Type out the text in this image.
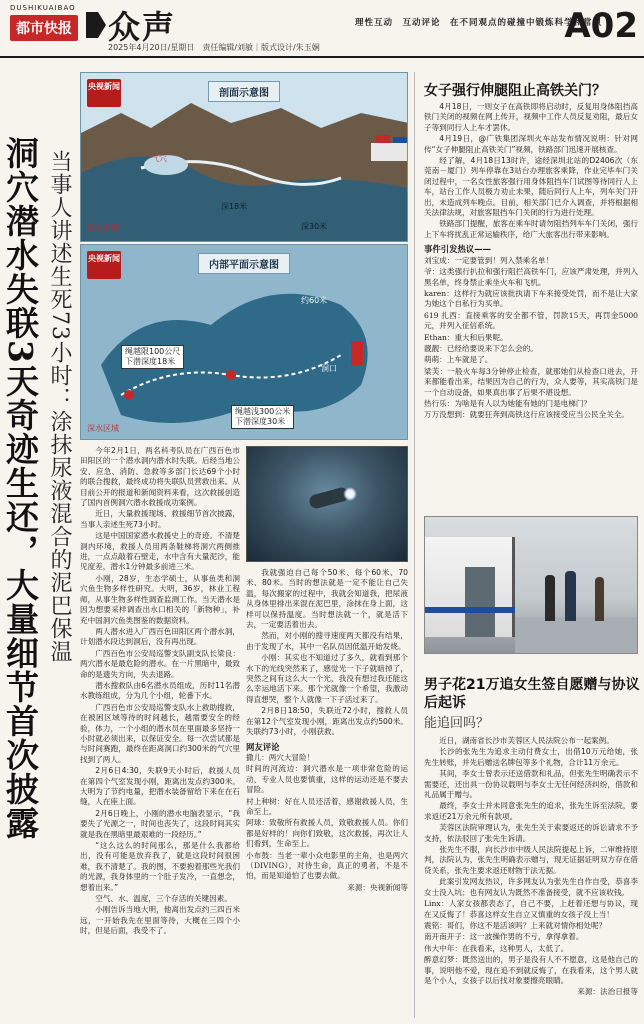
DUSHIKUAIBAO
都市快报 众声
2025年4月20日/星期日　责任编辑/刘敏｜版式设计/朱玉娴
理性互动　互动评论　在不同观点的碰撞中锻炼科学和常识
A02
洞穴潜水失联3天奇迹生还，大量细节首次披露 当事人讲述生死73小时：涂抹尿液混合的泥巴保温
央视新闻
剖面示意图
气穴
深18米
深30米
深水区域
央视新闻
内部平面示意图
约60米
洞口
绳越限100公尺
下潜深度18米
绳越浅300公米
下潜深度30米
深水区域

今年2月1日，两名科考队员在广西百色市田阳区的一个潜水洞内潜水时失联。后经当地公安、应急、消防、急救等多部门长达69个小时的联合搜救，最终成功将失联队员营救出来。从目前公开的报道和新闻资料来看，这次救援创造了国内首例洞穴潜水救援成功案例。

近日，大量救援现场、救援细节首次披露，当事人亲述生死73小时。

这是中国国家潜水救援史上的奇迹。不清楚洞内环境，救援人员用两条鞋梯将洞穴两侧推进，一点点敲着石壁走，水中含有大量泥沙，能见度差，潜水1分钟最多前进三米。

小刚，28岁，生态学硕士，从事鱼类和洞穴鱼生物多样性研究。大明，36岁，林业工程师，从事生物多样性调查监测工作。当天潜水是因为想要采样调查出水口相关的「新物种」，补充中国洞穴鱼类图鉴的数据资料。

两人潜水进入广西百色田阳区两个潜水洞，计划潜水段达到洞后，没有再出现。

广西百色市公安局巡警支队副支队长梁良：两穴潜水是最危险的潜水。在一片黑暗中，最致命的是遗失方向，失去退路。

潜水搜救队由6名潜水员组成，历时11名潜水教练组成，分为几个小组，轮番下水。

广西百色市公安局巡警支队水上救助搜救，在被困区域等待的时间越长，越需要安全的经验，体力，一个小组的潜水员在里面最多坚持一小时就必须出来，以保证安全。每一次尝试都是与时间赛跑，最终在距离洞口约300米的气穴里找到了两人。

2月6日4:30，失联9天小时后，救援人员在第四个气室发现小刚，距离出发点约300米。大明为了节约电量，把潜水装备留给下来在在石缝，人在座上面。

2月6日晚上，小刚的潜水电脑表显示，“我要失了光源之一，时间也丧失了，这段时间其实就是我在黑暗里最艰难的一段经历。”

“这么这么的时间那么，那是什么我都给出，没有可能是放弃我了，就是这段时间很困难，我不清楚了。我的图，不要抱着那些光我们的光源，我身体里的一个肚子发冷，一直想念，想着出来。”

空气、水、温度，三个存活的关键因素。

小刚告诉当地大明，他离出发点约三四百米远，一开始我先在里面等待，大概在三四个小时，但是后面，我受不了。

我就强迫自己每个50米、每个60米、70米、80米。当时的想法就是一定不能让自己失温，每次搬家的过程中，我就会知道我，把尿液从身体里排出来混在泥巴里，涂抹在身上面，这样可以保持温度。当时想法就一个，就是活下去，一定要活着出去。

然而，对小刚的搜寻速度两天都没有结果，由于发现了水，其中一名队员因低温开始发烧。

小刚：其实也不知道过了多久，就看到那个水下的光线突然来了，感觉光一下子就暗掉了，突然之间有这么大一个光，我没有想过我还能这么幸运地活下来。那个光就像一个希望，我激动得直想哭，整个人就像一下子活过来了。

2月8日18:50，失联近72小时，搜救人员在第12个气室发现小刚，距离出发点约500米。失联约73小时，小刚获救。

网友评论

撒儿：两穴大冒险！

时间的河流边：洞穴潜水是一项非常危险的运动，专业人员也要慎重，这样的运动还是不要去冒险。

村上种树：好在人员还活着，感谢救援人员，生命至上。

阿球：致敬所有救援人员，致敬救援人员。你们都是好样的！向你们致敬，这次救援，再次让人们看到，生命至上。

小布鼓：当老一辈小众电影里的主角，也是两穴（DIVING），对待生命，真正的勇者，不是不怕，而是知道怕了也要去做。

来源：央视新闻等

女子强行伸腿阻止高铁关门？

4月18日，一则女子在高铁即将启动时，反复用身体阻挡高铁门关闭的视频在网上传开，视频中工作人员反复劝阻，最后女子等到同行人上车才罢休。

4月19日，@广铁集团深圳火车站发布情况说明：针对网传“女子伸腿阻止高铁关门”视频，铁路部门迅速开展核查。

经了解，4月18日13时许，途经深圳北站的D2406次（东莞南－厦门）列车停靠在3站台办理旅客乘降，作业完毕车门关闭过程中，一名女性旅客强行用身体阻挡车门试图等待同行人上车，站台工作人员极力劝止未果，随后同行人上车，列车关门开出，未造成列车晚点。目前，相关部门已介入调查，并将根据相关法律法规，对旅客阻挡车门关闭的行为进行处理。

铁路部门提醒，旅客在乘车时请勿阻挡列车车门关闭，强行上下车将扰乱正常运输秩序，给广大旅客出行带来影响。

事件引发热议——

刘宝成：一定要管到！列入禁乘名单！

爷：这类强行扒拉和强行阻拦高铁车门，应该严肃处理，并列入黑名单，终身禁止乘坐火车和飞机。

karen：这样行为就应该批执请下车来接受处罚，而不是让大家为她这个自私行为买单。

619 扎西：直接乘客的安全都不管，罚款15天，再罚金5000元，并列入征信系统。

Ethan：重大和后果呢。

靓靓：已经给要说来下怎么会的。

萌萌：上车就是了。

梁芙：一般火车每3分钟停止检查，就那她们从检查口进去，开来都能看出来，结果因为自己的行为，众人要等，其实高铁门是一个自动设备，如果真出事了后果不堪设想。

热行乐：为啥是有人以为她能有她的门是电梯门？

万万没想到：就要狂奔到高铁这行应该接受应当公民全关全。

男子花21万追女生签自愿赠与协议后起诉
能追回吗？

近日，湖南省长沙市芙蓉区人民法院公布一起案例。

长沙的张先生为追求主动付费女士，出借10万元给她，张先生转账，并先后赠送名牌包等多个礼物，合计11万余元。

其间，李女士曾表示还送借款和礼品，但张先生明确表示不需要还，还出具一份协议载明与李女士无任何经济纠纷，借款和礼品属于赠与。

最终，李女士并未同意张先生的追求，张先生诉至法院，要求返还21万余元所有款项。

芙蓉区法院审理认为，张先生关于索要返还的诉讼请求不予支持，依法驳回了张先生诉请。

张先生不服，向长沙市中级人民法院提起上诉，二审维持原判，法院认为，张先生明确表示赠与，现无证据证明双方存在借贷关系，张先生要求返还财物于法无据。

此案引发网友热议，许多网友认为张先生自作自受，恭喜李女士没入坑；也有网友认为既然不准备接受，就不应该收钱。

Linx：人家女孩都表态了，自己不要，上赶着还想与协议，现在又反悔了！恭喜这样女生自立又慎重的女孩子没上当！

震铭：哥们，你这不是活该吗？上来就对情你相处呢？

南开南开子：这一波操作男的不亏，拿得拿着。

伟大中年：在我看来，这种男人，太低了。

醉意幻梦：既然送出的，男子是没有人不不愿意，这是他自己的事，说明他不爱，现在追不到就反悔了，在我看来，这个男人就是个小人，女孩子以后找对象要擦亮眼睛。

来源：法治日报等
